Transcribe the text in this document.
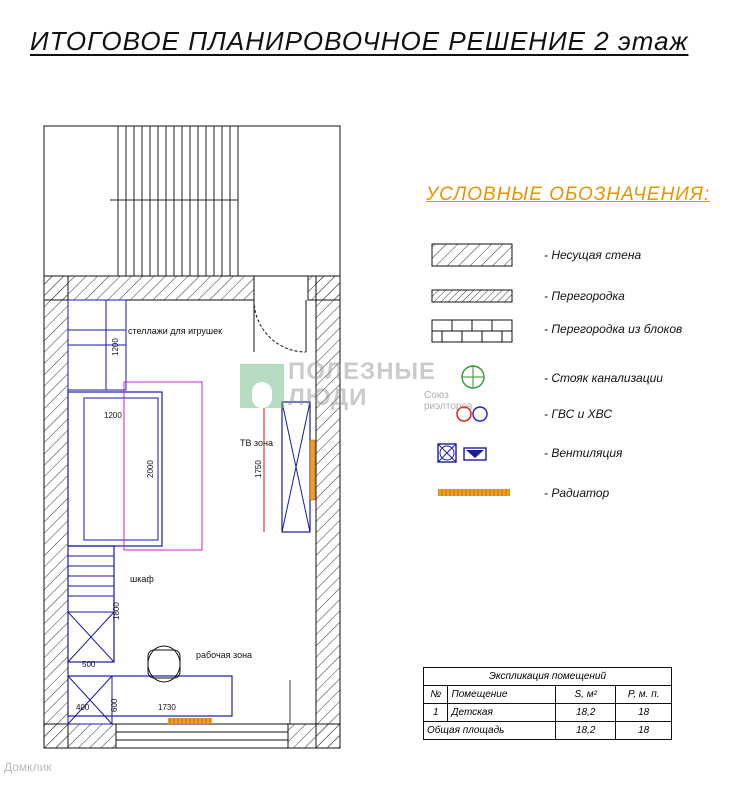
ИТОГОВОЕ ПЛАНИРОВОЧНОЕ РЕШЕНИЕ 2 этаж
стеллажи для игрушек
ТВ зона
шкаф
рабочая зона
1200
1200
2000	1750
1800
500
600	1730
400
УСЛОВНЫЕ ОБОЗНАЧЕНИЯ:
- Несущая стена
- Перегородка
- Перегородка из блоков
- Стояк канализации
- ГВС и ХВС
- Вентиляция
- Радиатор
ПОЛЕЗНЫЕ
ЛЮДИ	Союз риэлторов
Домклик
Экспликация помещений			
№	Помещение	S, м²	P, м. п.
1	Детская	18,2	18
Общая площадь		18,2	18
